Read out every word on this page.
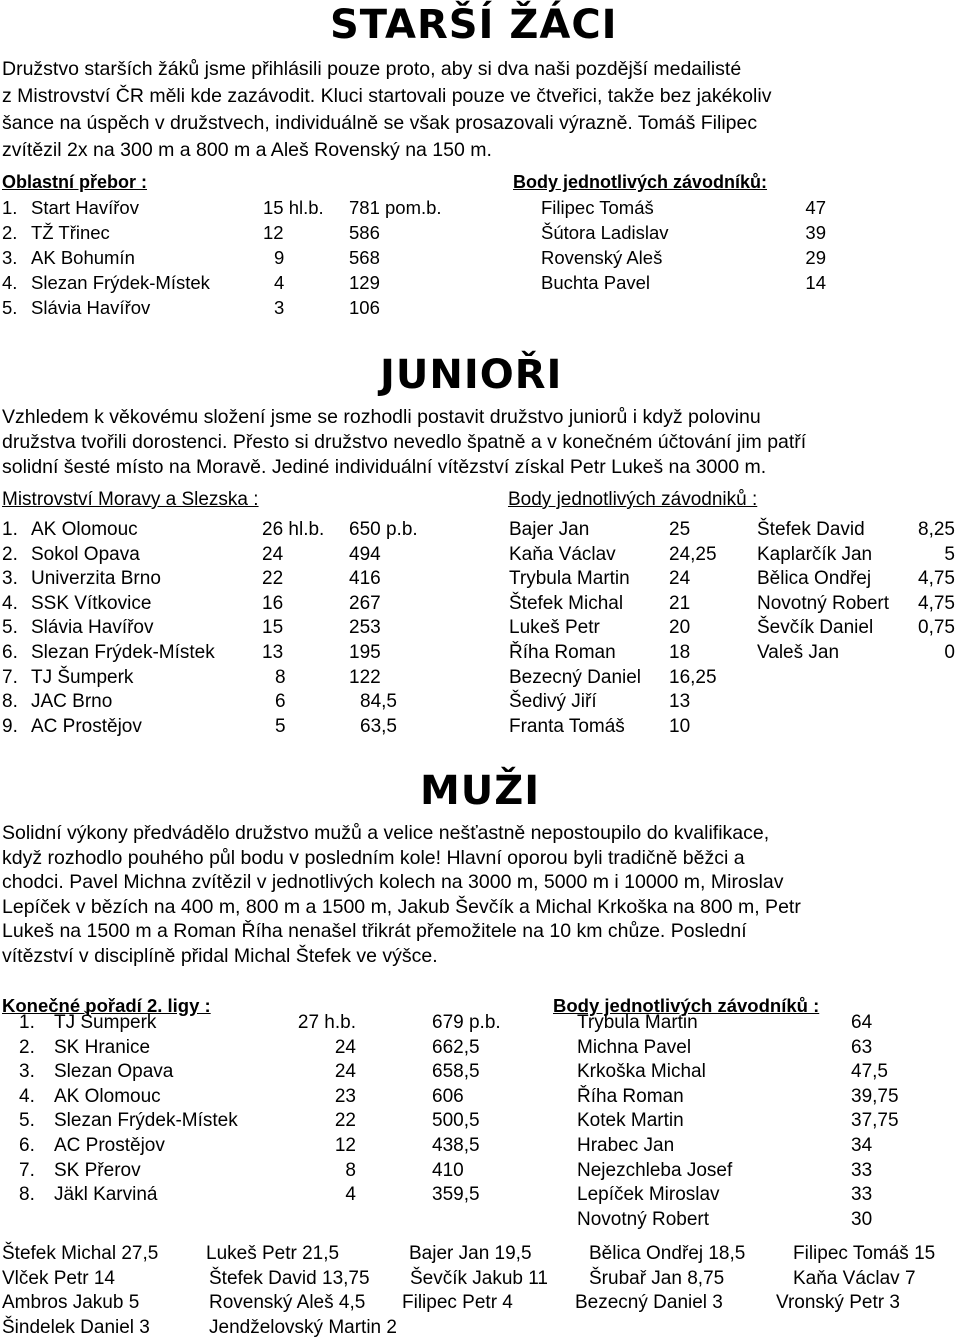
STARŠÍ ŽÁCI
Družstvo starších žáků jsme přihlásili pouze proto, aby si dva naši pozdější medailisté
z Mistrovství ČR měli kde zazávodit. Kluci startovali pouze ve čtveřici, takže bez jakékoliv
šance na úspěch v družstvech, individuálně se však prosazovali výrazně. Tomáš Filipec
zvítězil 2x na 300 m a 800 m a Aleš Rovenský na 150 m.
Oblastní přebor :	Body jednotlivých závodníků:
1. Start Havířov	15 hl.b. 781 pom.b.
2. TŽ Třinec	12	586
3. AK Bohumín	9	568
4. Slezan Frýdek-Místek	4	129
5. Slávia Havířov	3	106
Filipec Tomáš	47
Šútora Ladislav	39
Rovenský Aleš	29
Buchta Pavel	14
JUNIOŘI
Vzhledem k věkovému složení jsme se rozhodli postavit družstvo juniorů i když polovinu
družstva tvořili dorostenci. Přesto si družstvo nevedlo špatně a v konečném účtování jim patří
solidní šesté místo na Moravě. Jediné individuální vítězství získal Petr Lukeš na 3000 m.
Mistrovství Moravy a Slezska :	Body jednotlivých závodniků :
1. AK Olomouc	26 hl.b. 650 p.b.
2. Sokol Opava	24	494
3. Univerzita Brno	22	416
4. SSK Vítkovice	16	267
5. Slávia Havířov	15	253
6. Slezan Frýdek-Místek 13	195
7. TJ Šumperk	8	122
8. JAC Brno	6	84,5
9. AC Prostějov	5	63,5
Bajer Jan	25
Kaňa Václav	24,25
Trybula Martin 24
Štefek Michal 21
Lukeš Petr	20
Říha Roman	18
Bezecný Daniel 16,25
Šedivý Jiří	13
Franta Tomáš 10
Štefek David	8,25
Kaplarčík Jan	5
Bělica Ondřej	4,75
Novotný Robert	4,75
Ševčík Daniel	0,75
Valeš Jan	0
MUŽI
Solidní výkony předvádělo družstvo mužů a velice nešťastně nepostoupilo do kvalifikace,
když rozhodlo pouhého půl bodu v posledním kole! Hlavní oporou byli tradičně běžci a
chodci. Pavel Michna zvítězil v jednotlivých kolech na 3000 m, 5000 m i 10000 m, Miroslav
Lepíček v bězích na 400 m, 800 m a 1500 m, Jakub Ševčík a Michal Krkoška na 800 m, Petr
Lukeš na 1500 m a Roman Říha nenašel třikrát přemožitele na 10 km chůze. Poslední
vítězství v disciplíně přidal Michal Štefek ve výšce.
Konečné pořadí 2. ligy :	Body jednotlivých závodníků :
1. TJ Šumperk	27 h.b.	679 p.b.
2. SK Hranice	24	662,5
3. Slezan Opava	24	658,5
4. AK Olomouc	23	606
5. Slezan Frýdek-Místek	22	500,5
6. AC Prostějov	12	438,5
7. SK Přerov	8	410
8. Jäkl Karviná	4	359,5
Trybula Martin	64
Michna Pavel	63
Krkoška Michal	47,5
Říha Roman	39,75
Kotek Martin	37,75
Hrabec Jan	34
Nejezchleba Josef	33
Lepíček Miroslav	33
Novotný Robert	30
Štefek Michal 27,5	Lukeš Petr 21,5	Bajer Jan 19,5	Bělica Ondřej 18,5	Filipec Tomáš 15
Vlček Petr 14	Štefek David 13,75 Ševčík Jakub 11 Šrubař Jan 8,75	Kaňa Václav 7
Ambros Jakub 5	Rovenský Aleš 4,5 Filipec Petr 4	Bezecný Daniel 3	Vronský Petr 3
Šindelek Daniel 3	Jendželovský Martin 2
